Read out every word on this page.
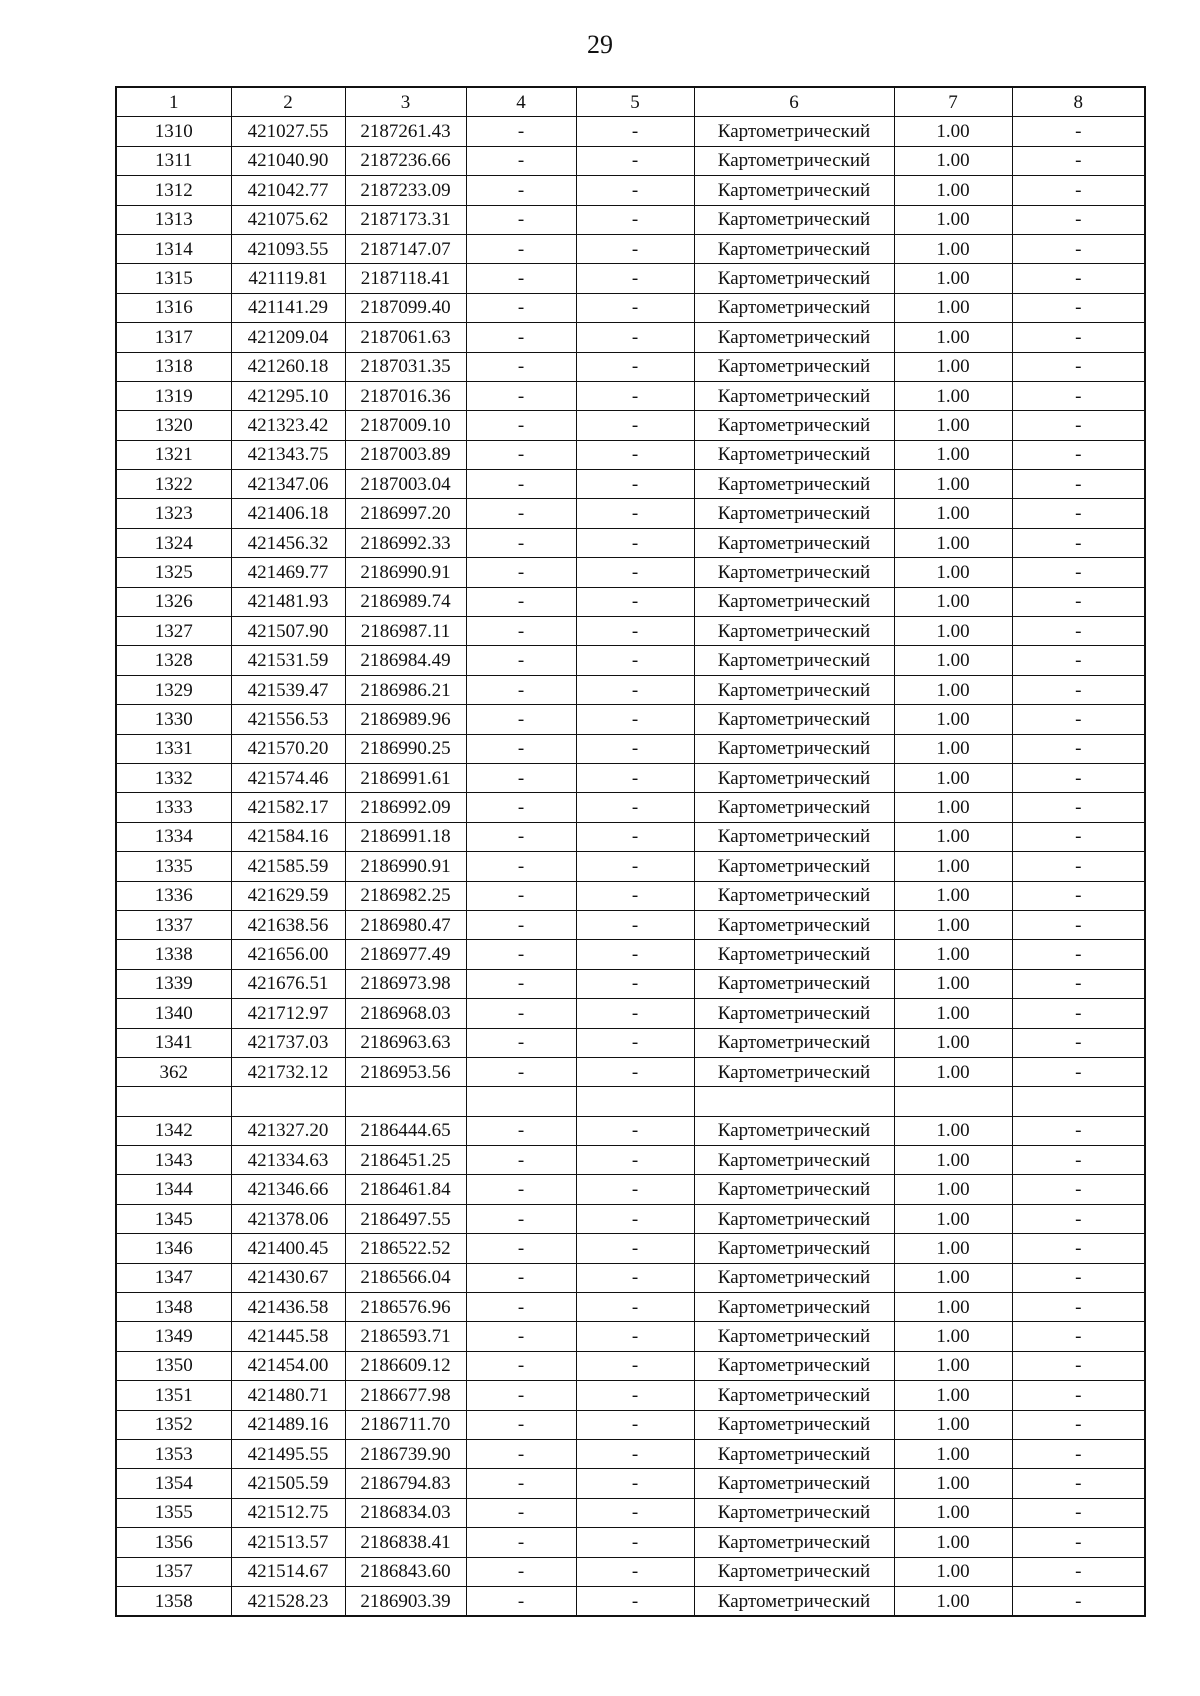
29
1	2	3	4	5	6	7	8
1310	421027.55	2187261.43	-	-	Картометрический	1.00	-
1311	421040.90	2187236.66	-	-	Картометрический	1.00	-
1312	421042.77	2187233.09	-	-	Картометрический	1.00	-
1313	421075.62	2187173.31	-	-	Картометрический	1.00	-
1314	421093.55	2187147.07	-	-	Картометрический	1.00	-
1315	421119.81	2187118.41	-	-	Картометрический	1.00	-
1316	421141.29	2187099.40	-	-	Картометрический	1.00	-
1317	421209.04	2187061.63	-	-	Картометрический	1.00	-
1318	421260.18	2187031.35	-	-	Картометрический	1.00	-
1319	421295.10	2187016.36	-	-	Картометрический	1.00	-
1320	421323.42	2187009.10	-	-	Картометрический	1.00	-
1321	421343.75	2187003.89	-	-	Картометрический	1.00	-
1322	421347.06	2187003.04	-	-	Картометрический	1.00	-
1323	421406.18	2186997.20	-	-	Картометрический	1.00	-
1324	421456.32	2186992.33	-	-	Картометрический	1.00	-
1325	421469.77	2186990.91	-	-	Картометрический	1.00	-
1326	421481.93	2186989.74	-	-	Картометрический	1.00	-
1327	421507.90	2186987.11	-	-	Картометрический	1.00	-
1328	421531.59	2186984.49	-	-	Картометрический	1.00	-
1329	421539.47	2186986.21	-	-	Картометрический	1.00	-
1330	421556.53	2186989.96	-	-	Картометрический	1.00	-
1331	421570.20	2186990.25	-	-	Картометрический	1.00	-
1332	421574.46	2186991.61	-	-	Картометрический	1.00	-
1333	421582.17	2186992.09	-	-	Картометрический	1.00	-
1334	421584.16	2186991.18	-	-	Картометрический	1.00	-
1335	421585.59	2186990.91	-	-	Картометрический	1.00	-
1336	421629.59	2186982.25	-	-	Картометрический	1.00	-
1337	421638.56	2186980.47	-	-	Картометрический	1.00	-
1338	421656.00	2186977.49	-	-	Картометрический	1.00	-
1339	421676.51	2186973.98	-	-	Картометрический	1.00	-
1340	421712.97	2186968.03	-	-	Картометрический	1.00	-
1341	421737.03	2186963.63	-	-	Картометрический	1.00	-
362	421732.12	2186953.56	-	-	Картометрический	1.00	-

1342	421327.20	2186444.65	-	-	Картометрический	1.00	-
1343	421334.63	2186451.25	-	-	Картометрический	1.00	-
1344	421346.66	2186461.84	-	-	Картометрический	1.00	-
1345	421378.06	2186497.55	-	-	Картометрический	1.00	-
1346	421400.45	2186522.52	-	-	Картометрический	1.00	-
1347	421430.67	2186566.04	-	-	Картометрический	1.00	-
1348	421436.58	2186576.96	-	-	Картометрический	1.00	-
1349	421445.58	2186593.71	-	-	Картометрический	1.00	-
1350	421454.00	2186609.12	-	-	Картометрический	1.00	-
1351	421480.71	2186677.98	-	-	Картометрический	1.00	-
1352	421489.16	2186711.70	-	-	Картометрический	1.00	-
1353	421495.55	2186739.90	-	-	Картометрический	1.00	-
1354	421505.59	2186794.83	-	-	Картометрический	1.00	-
1355	421512.75	2186834.03	-	-	Картометрический	1.00	-
1356	421513.57	2186838.41	-	-	Картометрический	1.00	-
1357	421514.67	2186843.60	-	-	Картометрический	1.00	-
1358	421528.23	2186903.39	-	-	Картометрический	1.00	-
